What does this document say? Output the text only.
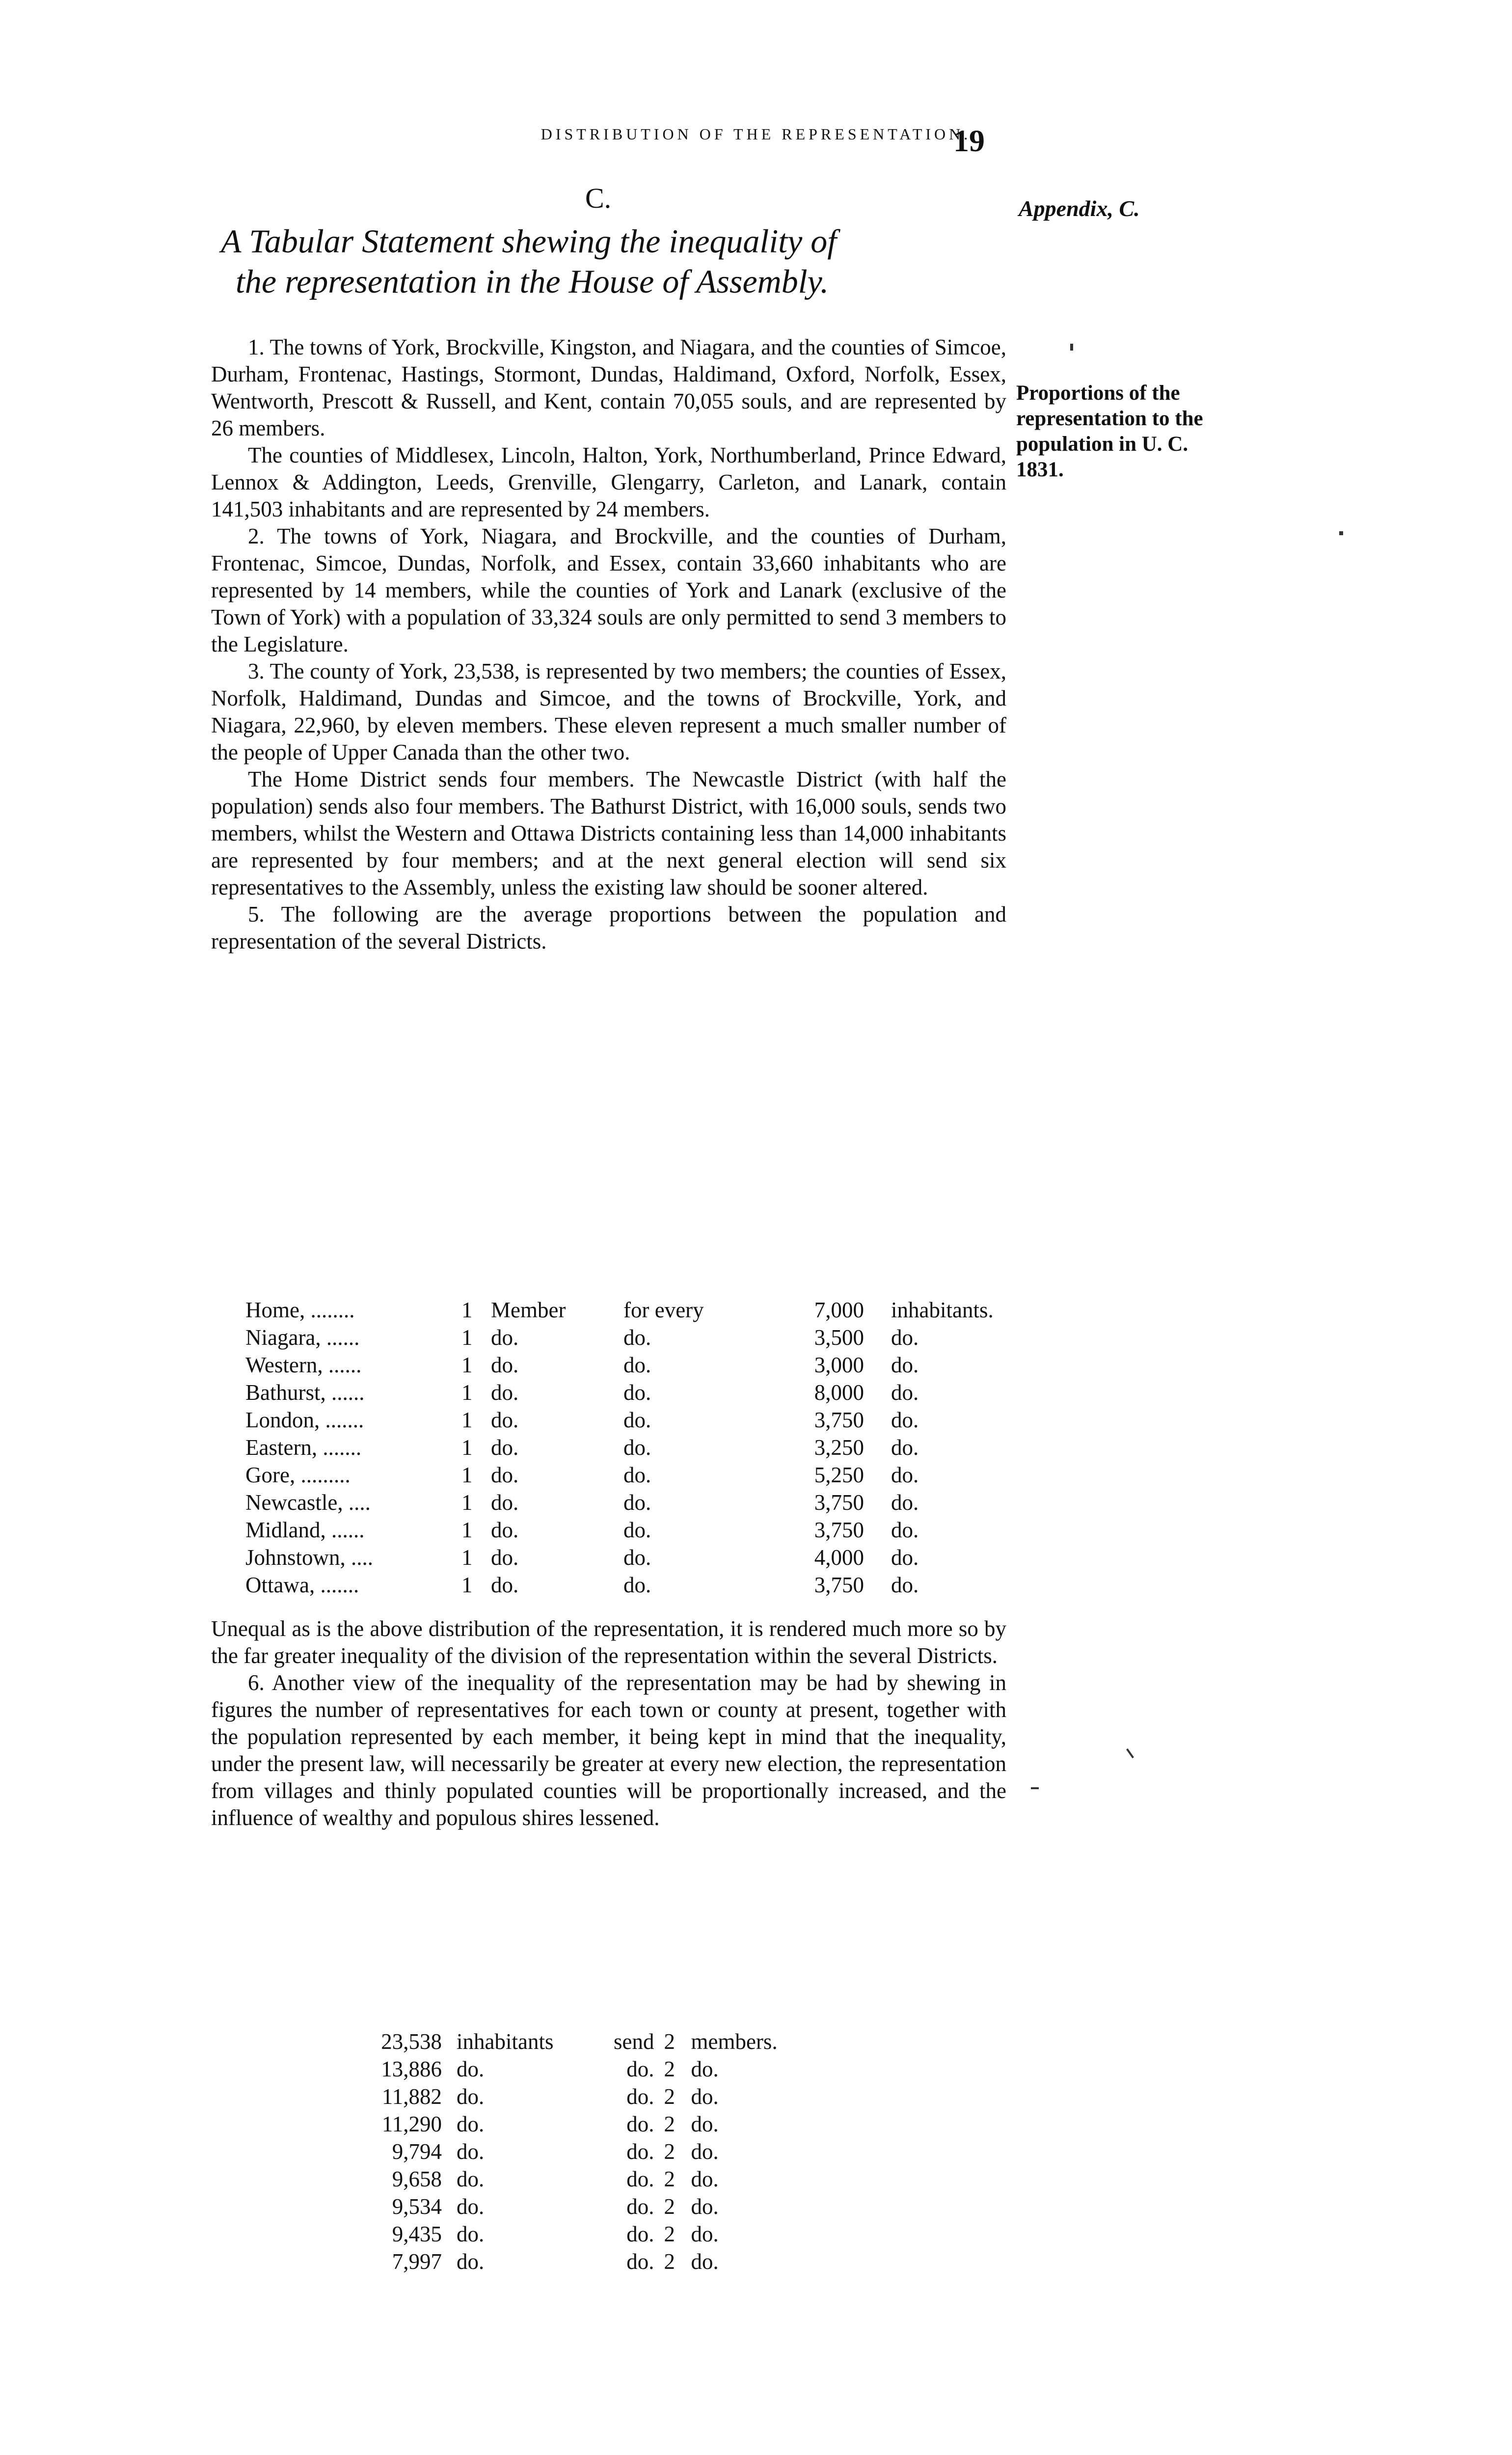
DISTRIBUTION OF THE REPRESENTATION.
19
C.	Appendix, C.
A Tabular Statement shewing the inequality of
the representation in the House of Assembly.
Proportions of the representation to the population in U. C. 1831.

1. The towns of York, Brockville, Kingston, and Niagara, and the counties of Simcoe, Durham, Frontenac, Hastings, Stormont, Dundas, Haldimand, Oxford, Norfolk, Essex, Wentworth, Prescott & Russell, and Kent, contain 70,055 souls, and are represented by 26 members.

The counties of Middlesex, Lincoln, Halton, York, Northumberland, Prince Edward, Lennox & Addington, Leeds, Grenville, Glengarry, Carleton, and Lanark, contain 141,503 inhabitants and are represented by 24 members.

2. The towns of York, Niagara, and Brockville, and the counties of Durham, Frontenac, Simcoe, Dundas, Norfolk, and Essex, contain 33,660 inhabitants who are represented by 14 members, while the counties of York and Lanark (exclusive of the Town of York) with a population of 33,324 souls are only permitted to send 3 members to the Legislature.

3. The county of York, 23,538, is represented by two members; the counties of Essex, Norfolk, Haldimand, Dundas and Simcoe, and the towns of Brockville, York, and Niagara, 22,960, by eleven members. These eleven represent a much smaller number of the people of Upper Canada than the other two.

The Home District sends four members. The Newcastle District (with half the population) sends also four members. The Bathurst District, with 16,000 souls, sends two members, whilst the Western and Ottawa Districts containing less than 14,000 inhabitants are represented by four members; and at the next general election will send six representatives to the Assembly, unless the existing law should be sooner altered.

5. The following are the average proportions between the population and representation of the several Districts.

Home, ........	1	Member	for every	7,000	inhabitants.
Niagara, ......	1	do.	do.	3,500	do.
Western, ......	1	do.	do.	3,000	do.
Bathurst, ......	1	do.	do.	8,000	do.
London, .......	1	do.	do.	3,750	do.
Eastern, .......	1	do.	do.	3,250	do.
Gore, .........	1	do.	do.	5,250	do.
Newcastle, ....	1	do.	do.	3,750	do.
Midland, ......	1	do.	do.	3,750	do.
Johnstown, ....	1	do.	do.	4,000	do.
Ottawa, .......	1	do.	do.	3,750	do.

Unequal as is the above distribution of the representation, it is rendered much more so by the far greater inequality of the division of the representation within the several Districts.

6. Another view of the inequality of the representation may be had by shewing in figures the number of representatives for each town or county at present, together with the population represented by each member, it being kept in mind that the inequality, under the present law, will necessarily be greater at every new election, the representation from villages and thinly populated counties will be proportionally increased, and the influence of wealthy and populous shires lessened.

23,538	inhabitants	send	2	members.
13,886	do.	do.	2	do.
11,882	do.	do.	2	do.
11,290	do.	do.	2	do.
9,794	do.	do.	2	do.
9,658	do.	do.	2	do.
9,534	do.	do.	2	do.
9,435	do.	do.	2	do.
7,997	do.	do.	2	do.
